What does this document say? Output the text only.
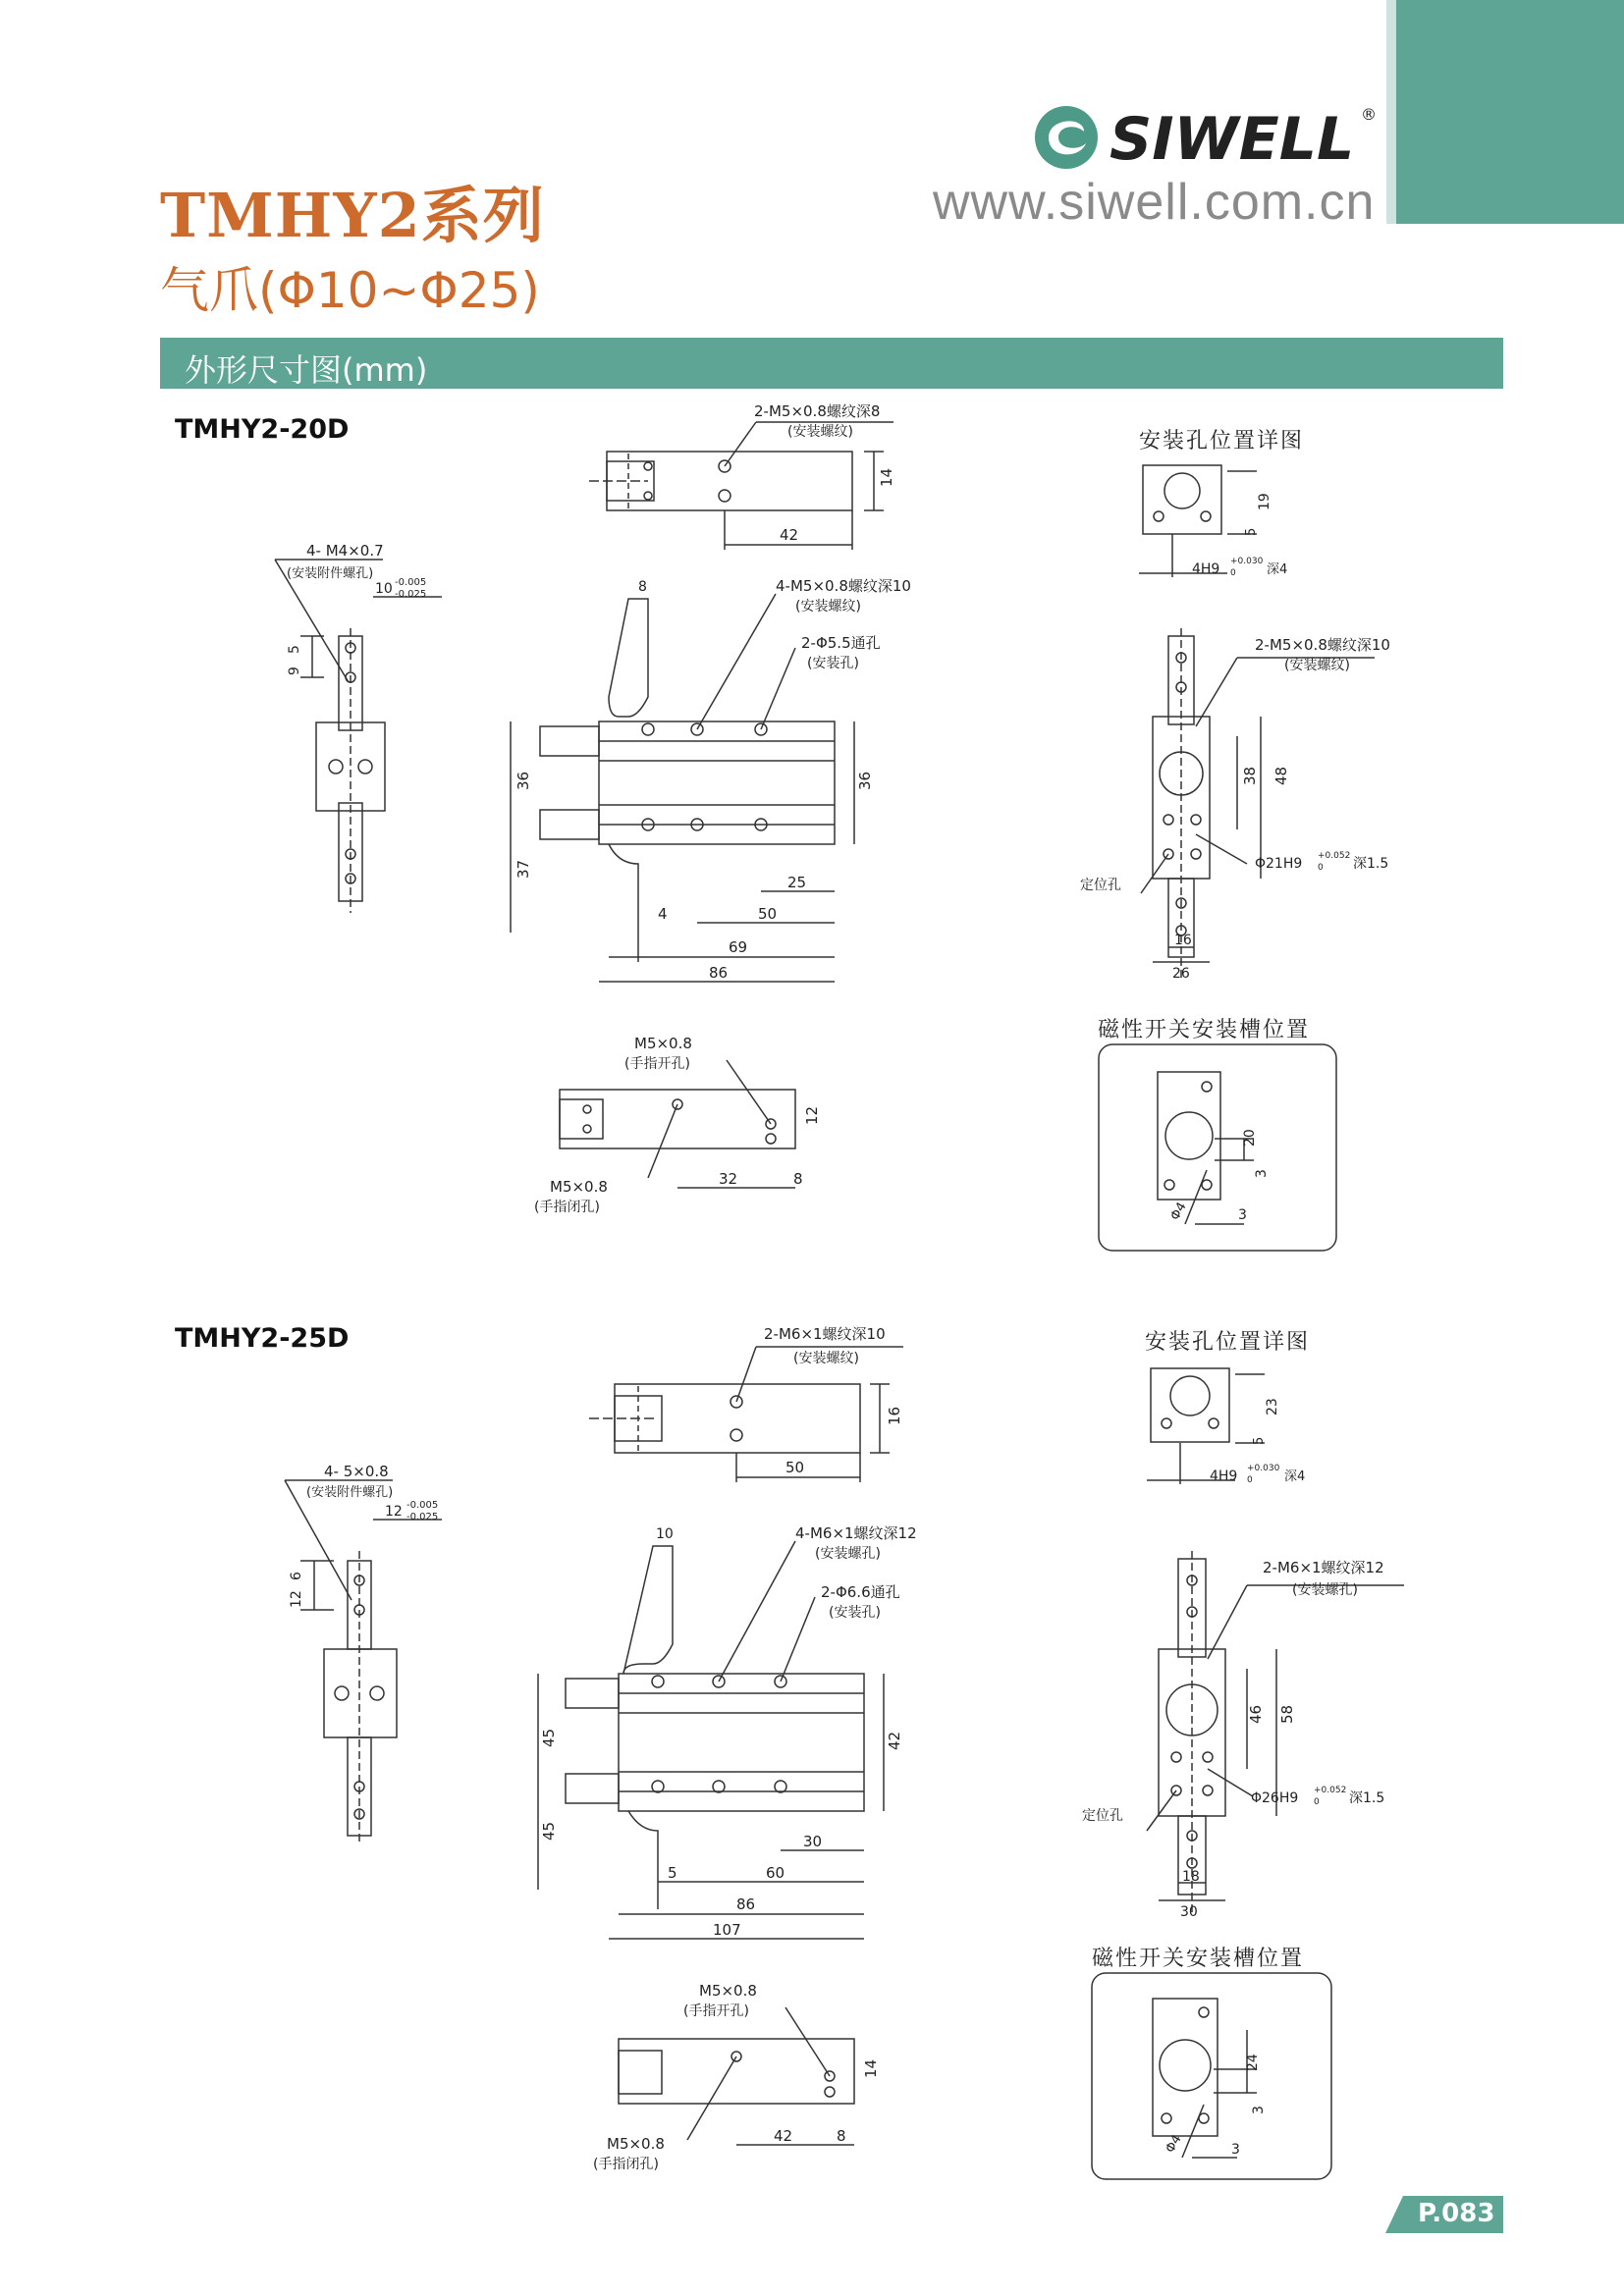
TMHY2系列
气爪(Φ10~Φ25)
SIWELL ®
www.siwell.com.cn
外形尺寸图(mm)
TMHY2-20D
2-M5×0.8螺纹深8
(安装螺纹)
14
42
4- M4×0.7
(安装附件螺孔)
10 -0.005
-0.025
5
9
8	4-M5×0.8螺纹深10
(安装螺纹)
2-Φ5.5通孔
(安装孔)
36
37
36
4
25
50
69
86
M5×0.8
(手指开孔)
M5×0.8
(手指闭孔)
12
32	8
安装孔位置详图
19
5
4H9 +0.030
0 深4
2-M5×0.8螺纹深10
(安装螺纹)
38 48
Φ21H9 +0.052
0 深1.5
定位孔
16
26
磁性开关安装槽位置
20
3
3
Φ4
TMHY2-25D	2-M6×1螺纹深10
(安装螺纹)
16
50
4- 5×0.8
(安装附件螺孔)
12 -0.005
-0.025
6
12
10	4-M6×1螺纹深12
(安装螺孔)
2-Φ6.6通孔
(安装孔)
45
45
42
5
30
60
86
107
M5×0.8
(手指开孔)
M5×0.8
(手指闭孔)
14
42	8
安装孔位置详图
23
5
4H9 +0.030
0 深4
2-M6×1螺纹深12
(安装螺孔)
46 58
Φ26H9 +0.052
0 深1.5
定位孔
18
30
磁性开关安装槽位置
24
3
3
Φ4
P.083
